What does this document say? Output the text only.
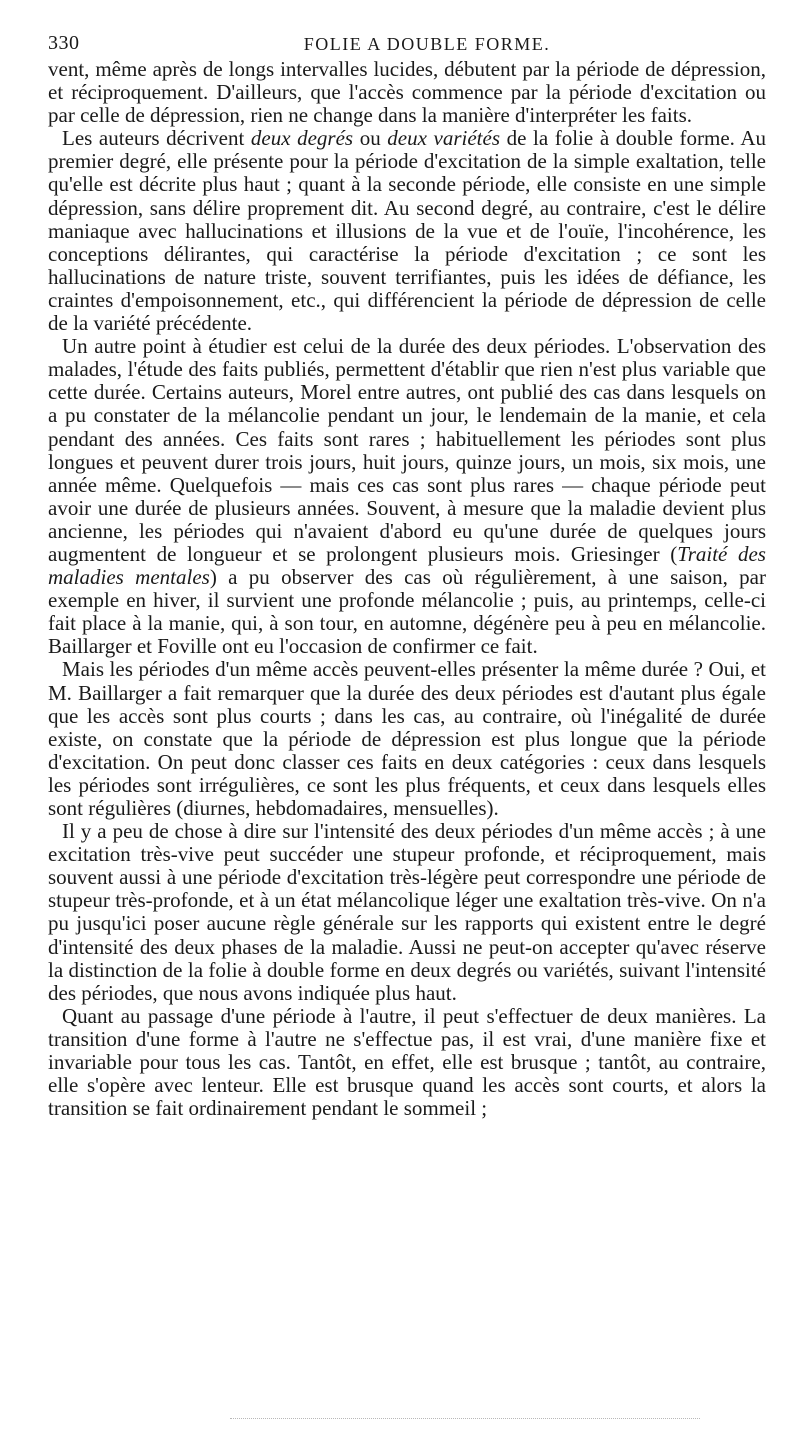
330	FOLIE A DOUBLE FORME.

vent, même après de longs intervalles lucides, débutent par la période de dépression, et réciproquement. D'ailleurs, que l'accès commence par la période d'excitation ou par celle de dépression, rien ne change dans la manière d'interpréter les faits.

Les auteurs décrivent deux degrés ou deux variétés de la folie à double forme. Au premier degré, elle présente pour la période d'excitation de la simple exaltation, telle qu'elle est décrite plus haut ; quant à la seconde période, elle consiste en une simple dépression, sans délire proprement dit. Au second degré, au contraire, c'est le délire maniaque avec hallucinations et illusions de la vue et de l'ouïe, l'incohérence, les conceptions délirantes, qui caractérise la période d'excitation ; ce sont les hallucinations de nature triste, souvent terrifiantes, puis les idées de défiance, les craintes d'empoisonnement, etc., qui différencient la période de dépression de celle de la variété précédente.

Un autre point à étudier est celui de la durée des deux périodes. L'observation des malades, l'étude des faits publiés, permettent d'établir que rien n'est plus variable que cette durée. Certains auteurs, Morel entre autres, ont publié des cas dans lesquels on a pu constater de la mélancolie pendant un jour, le lendemain de la manie, et cela pendant des années. Ces faits sont rares ; habituellement les périodes sont plus longues et peuvent durer trois jours, huit jours, quinze jours, un mois, six mois, une année même. Quelquefois — mais ces cas sont plus rares — chaque période peut avoir une durée de plusieurs années. Souvent, à mesure que la maladie devient plus ancienne, les périodes qui n'avaient d'abord eu qu'une durée de quelques jours augmentent de longueur et se prolongent plusieurs mois. Griesinger (Traité des maladies mentales) a pu observer des cas où régulièrement, à une saison, par exemple en hiver, il survient une profonde mélancolie ; puis, au printemps, celle-ci fait place à la manie, qui, à son tour, en automne, dégénère peu à peu en mélancolie. Baillarger et Foville ont eu l'occasion de confirmer ce fait.

Mais les périodes d'un même accès peuvent-elles présenter la même durée ? Oui, et M. Baillarger a fait remarquer que la durée des deux périodes est d'autant plus égale que les accès sont plus courts ; dans les cas, au contraire, où l'inégalité de durée existe, on constate que la période de dépression est plus longue que la période d'excitation. On peut donc classer ces faits en deux catégories : ceux dans lesquels les périodes sont irrégulières, ce sont les plus fréquents, et ceux dans lesquels elles sont régulières (diurnes, hebdomadaires, mensuelles).

Il y a peu de chose à dire sur l'intensité des deux périodes d'un même accès ; à une excitation très-vive peut succéder une stupeur profonde, et réciproquement, mais souvent aussi à une période d'excitation très-légère peut correspondre une période de stupeur très-profonde, et à un état mélancolique léger une exaltation très-vive. On n'a pu jusqu'ici poser aucune règle générale sur les rapports qui existent entre le degré d'intensité des deux phases de la maladie. Aussi ne peut-on accepter qu'avec réserve la distinction de la folie à double forme en deux degrés ou variétés, suivant l'intensité des périodes, que nous avons indiquée plus haut.

Quant au passage d'une période à l'autre, il peut s'effectuer de deux manières. La transition d'une forme à l'autre ne s'effectue pas, il est vrai, d'une manière fixe et invariable pour tous les cas. Tantôt, en effet, elle est brusque ; tantôt, au contraire, elle s'opère avec lenteur. Elle est brusque quand les accès sont courts, et alors la transition se fait ordinairement pendant le sommeil ;
